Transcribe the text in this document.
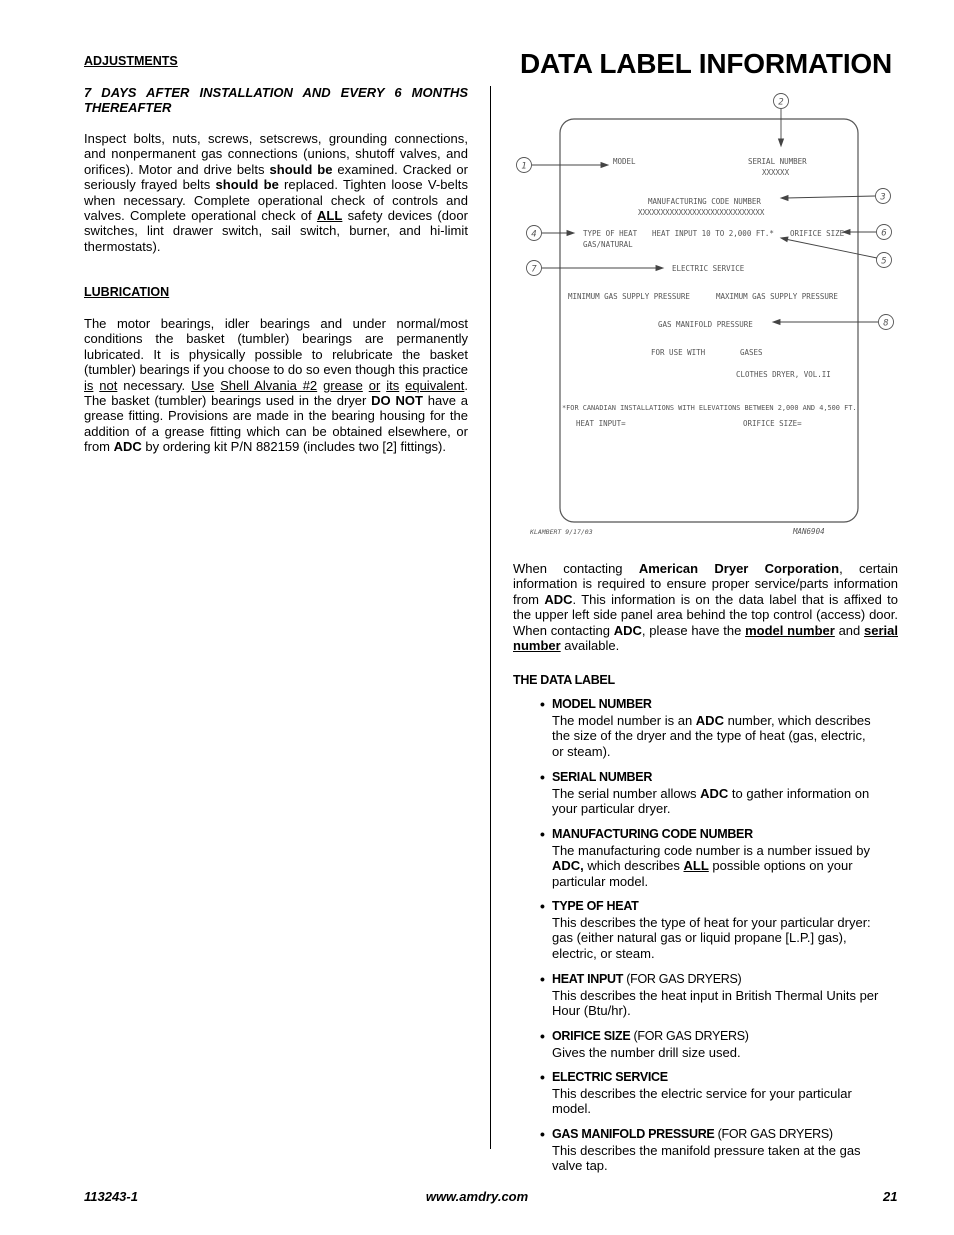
ADJUSTMENTS
7 DAYS AFTER INSTALLATION AND EVERY 6 MONTHS THEREAFTER
Inspect bolts, nuts, screws, setscrews, grounding connections, and nonpermanent gas connections (unions, shutoff valves, and orifices). Motor and drive belts should be examined. Cracked or seriously frayed belts should be replaced. Tighten loose V-belts when necessary. Complete operational check of controls and valves. Complete operational check of ALL safety devices (door switches, lint drawer switch, sail switch, burner, and hi-limit thermostats).
LUBRICATION
The motor bearings, idler bearings and under normal/most conditions the basket (tumbler) bearings are permanently lubricated. It is physically possible to relubricate the basket (tumbler) bearings if you choose to do so even though this practice is not necessary. Use Shell Alvania #2 grease or its equivalent. The basket (tumbler) bearings used in the dryer DO NOT have a grease fitting. Provisions are made in the bearing housing for the addition of a grease fitting which can be obtained elsewhere, or from ADC by ordering kit P/N 882159 (includes two [2] fittings).
DATA LABEL INFORMATION
2
1
3
4	6
5
7
8
MODEL	SERIAL NUMBER
XXXXXX
MANUFACTURING CODE NUMBER
XXXXXXXXXXXXXXXXXXXXXXXXXXXX
TYPE OF HEAT HEAT INPUT 10 TO 2,000 FT.* ORIFICE SIZE
GAS/NATURAL
ELECTRIC SERVICE
MINIMUM GAS SUPPLY PRESSURE	MAXIMUM GAS SUPPLY PRESSURE
GAS MANIFOLD PRESSURE
FOR USE WITH	GASES
CLOTHES DRYER, VOL.II
*FOR CANADIAN INSTALLATIONS WITH ELEVATIONS BETWEEN 2,000 AND 4,500 FT.
HEAT INPUT=	ORIFICE SIZE=
KLAMBERT 9/17/03	MAN6904
When contacting American Dryer Corporation, certain information is required to ensure proper service/parts information from ADC. This information is on the data label that is affixed to the upper left side panel area behind the top control (access) door. When contacting ADC, please have the model number and serial number available.
THE DATA LABEL
• MODEL NUMBER
The model number is an ADC number, which describes the size of the dryer and the type of heat (gas, electric, or steam).
• SERIAL NUMBER
The serial number allows ADC to gather information on your particular dryer.
• MANUFACTURING CODE NUMBER
The manufacturing code number is a number issued by ADC, which describes ALL possible options on your particular model.
• TYPE OF HEAT
This describes the type of heat for your particular dryer: gas (either natural gas or liquid propane [L.P.] gas), electric, or steam.
• HEAT INPUT (FOR GAS DRYERS)
This describes the heat input in British Thermal Units per Hour (Btu/hr).
• ORIFICE SIZE (FOR GAS DRYERS)
Gives the number drill size used.
• ELECTRIC SERVICE
This describes the electric service for your particular model.
• GAS MANIFOLD PRESSURE (FOR GAS DRYERS)
This describes the manifold pressure taken at the gas valve tap.
113243-1	www.amdry.com	21
